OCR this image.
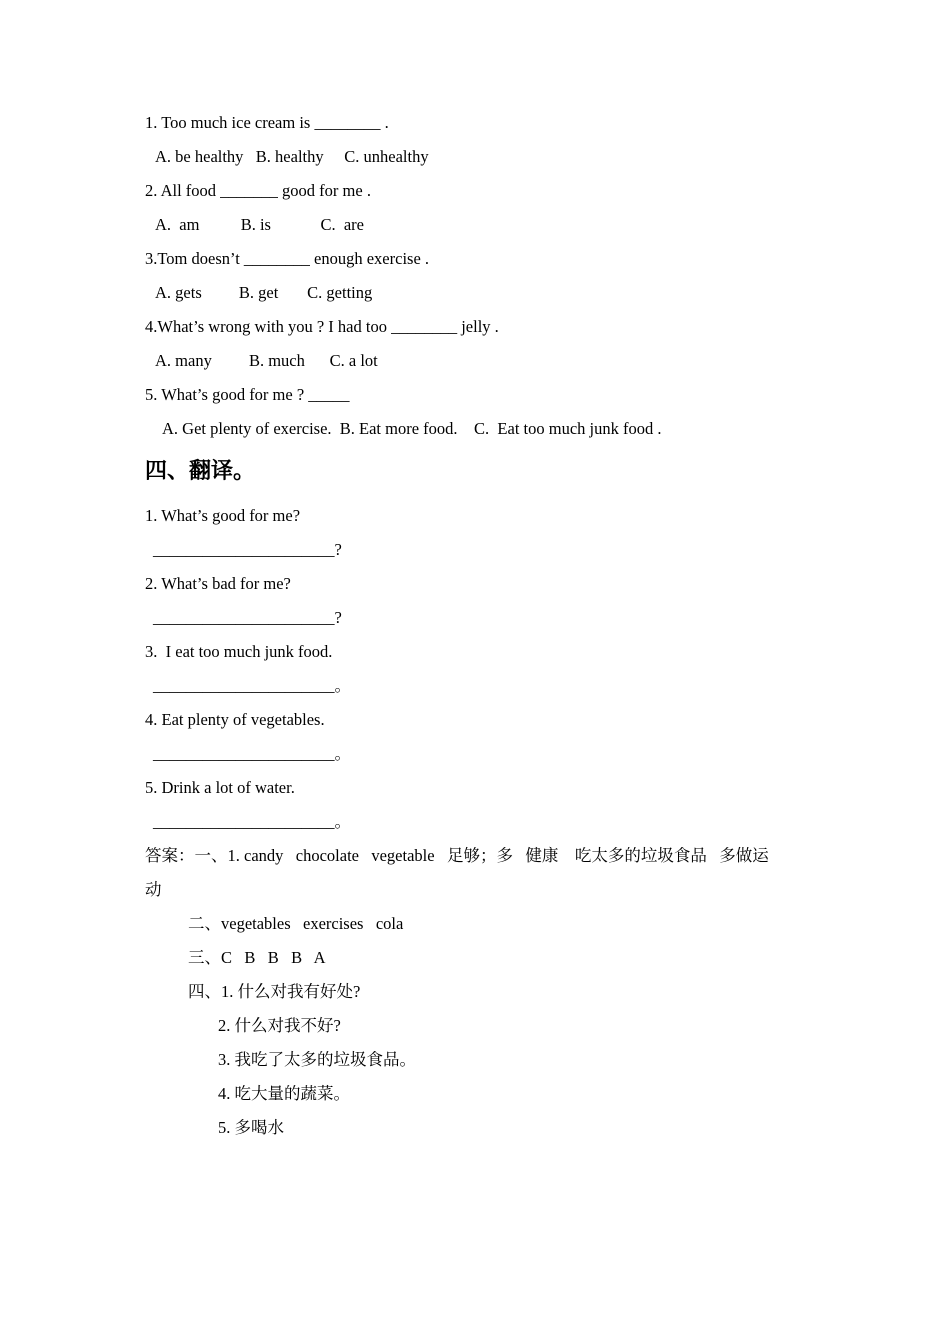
1. Too much ice cream is ________ .

A. be healthy   B. healthy     C. unhealthy

2. All food _______ good for me .

A.  am          B. is            C.  are

3.Tom doesn’t ________ enough exercise .

A. gets         B. get       C. getting

4.What’s wrong with you ? I had too ________ jelly .

A. many         B. much      C. a lot

5. What’s good for me ? _____

A. Get plenty of exercise.  B. Eat more food.    C.  Eat too much junk food .

四、翻译。

1. What’s good for me?

______________________?

2. What’s bad for me?

______________________?

3.  I eat too much junk food.

______________________。

4. Eat plenty of vegetables.

______________________。

5. Drink a lot of water.

______________________。

答案：一、1. candy   chocolate   vegetable   足够；多   健康    吃太多的垃圾食品   多做运

动

二、vegetables   exercises   cola

三、C   B   B   B   A

四、1. 什么对我有好处?

2. 什么对我不好?

3. 我吃了太多的垃圾食品。

4. 吃大量的蔬菜。

5. 多喝水
